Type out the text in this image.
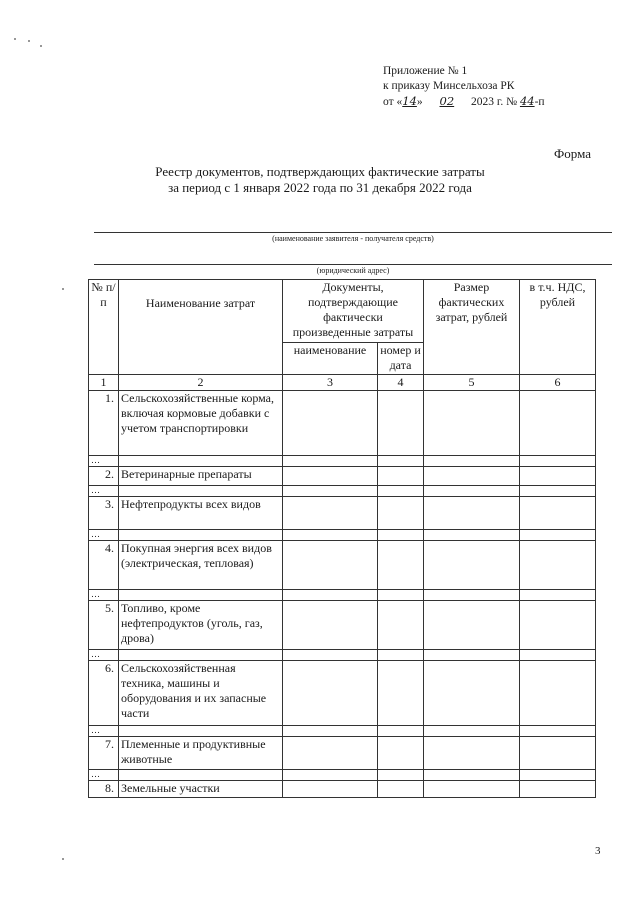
Приложение № 1
к приказу Минсельхоза РК
от «14» 02 2023 г. № 44-п
Форма
Реестр документов, подтверждающих фактические затраты
за период с 1 января 2022 года по 31 декабря 2022 года
(наименование заявителя - получателя средств)
(юридический адрес)
№ п/п	Наименование затрат	Документы, подтверждающие фактически произведенные затраты		Размер фактических затрат, рублей	в т.ч. НДС, рублей
		наименование	номер и дата		
1	2	3	4	5	6
1.	Сельскохозяйственные корма, включая кормовые добавки с учетом транспортировки				
…					
2.	Ветеринарные препараты				
…					
3.	Нефтепродукты всех видов				
…					
4.	Покупная энергия всех видов (электрическая, тепловая)				
…					
5.	Топливо, кроме нефтепродуктов (уголь, газ, дрова)				
…					
6.	Сельскохозяйственная техника, машины и оборудования и их запасные части				
…					
7.	Племенные и продуктивные животные				
…					
8.	Земельные участки				
3
